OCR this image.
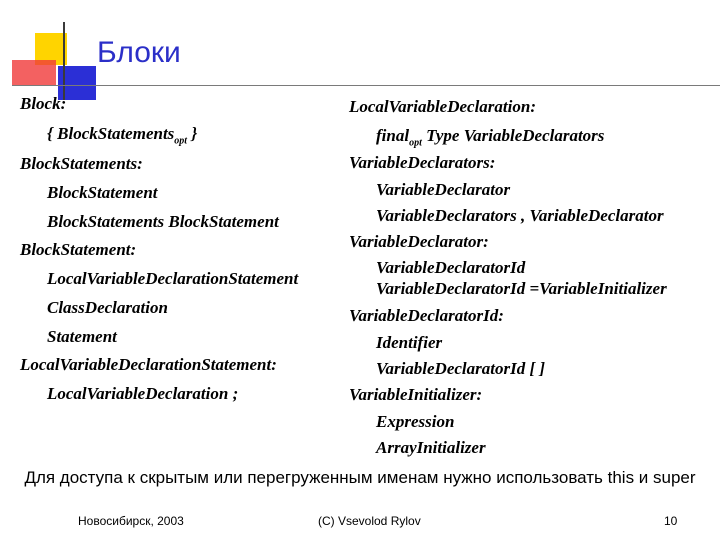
Блоки
Block:
{ BlockStatements$_{opt}$ }
BlockStatements:
BlockStatement
BlockStatements BlockStatement
BlockStatement:
LocalVariableDeclarationStatement
ClassDeclaration
Statement
LocalVariableDeclarationStatement:
LocalVariableDeclaration ;
LocalVariableDeclaration:
final$_{opt}$ Type VariableDeclarators
VariableDeclarators:
VariableDeclarator
VariableDeclarators , VariableDeclarator
VariableDeclarator:
VariableDeclaratorId
VariableDeclaratorId =VariableInitializer
VariableDeclaratorId:
Identifier
VariableDeclaratorId [ ]
VariableInitializer:
Expression
ArrayInitializer
Для доступа к скрытым или перегруженным именам нужно использовать this и super
Новосибирск, 2003	(C) Vsevolod Rylov	10
